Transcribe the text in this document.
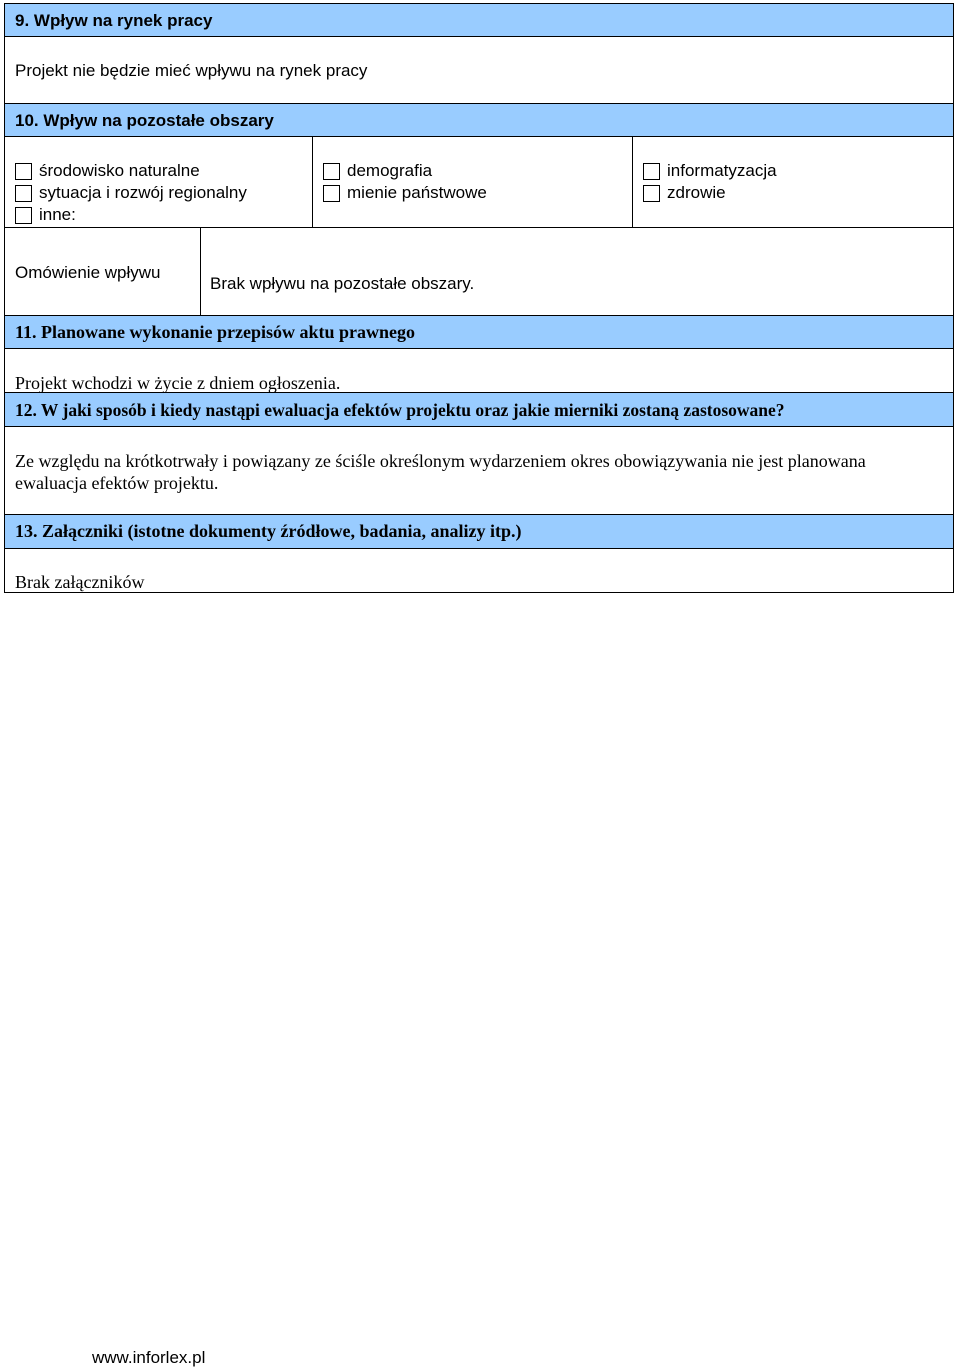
9. Wpływ na rynek pracy
Projekt nie będzie mieć wpływu na rynek pracy
10. Wpływ na pozostałe obszary
środowisko naturalne
sytuacja i rozwój regionalny
inne:
demografia
mienie państwowe
informatyzacja
zdrowie
Omówienie wpływu
Brak wpływu na pozostałe obszary.
11. Planowane wykonanie przepisów aktu prawnego
Projekt wchodzi w życie z dniem ogłoszenia.
12. W jaki sposób i kiedy nastąpi ewaluacja efektów projektu oraz jakie mierniki zostaną zastosowane?
Ze względu na krótkotrwały i powiązany ze ściśle określonym wydarzeniem okres obowiązywania nie jest planowana
ewaluacja efektów projektu.
13. Załączniki (istotne dokumenty źródłowe, badania, analizy itp.)
Brak załączników
www.inforlex.pl
